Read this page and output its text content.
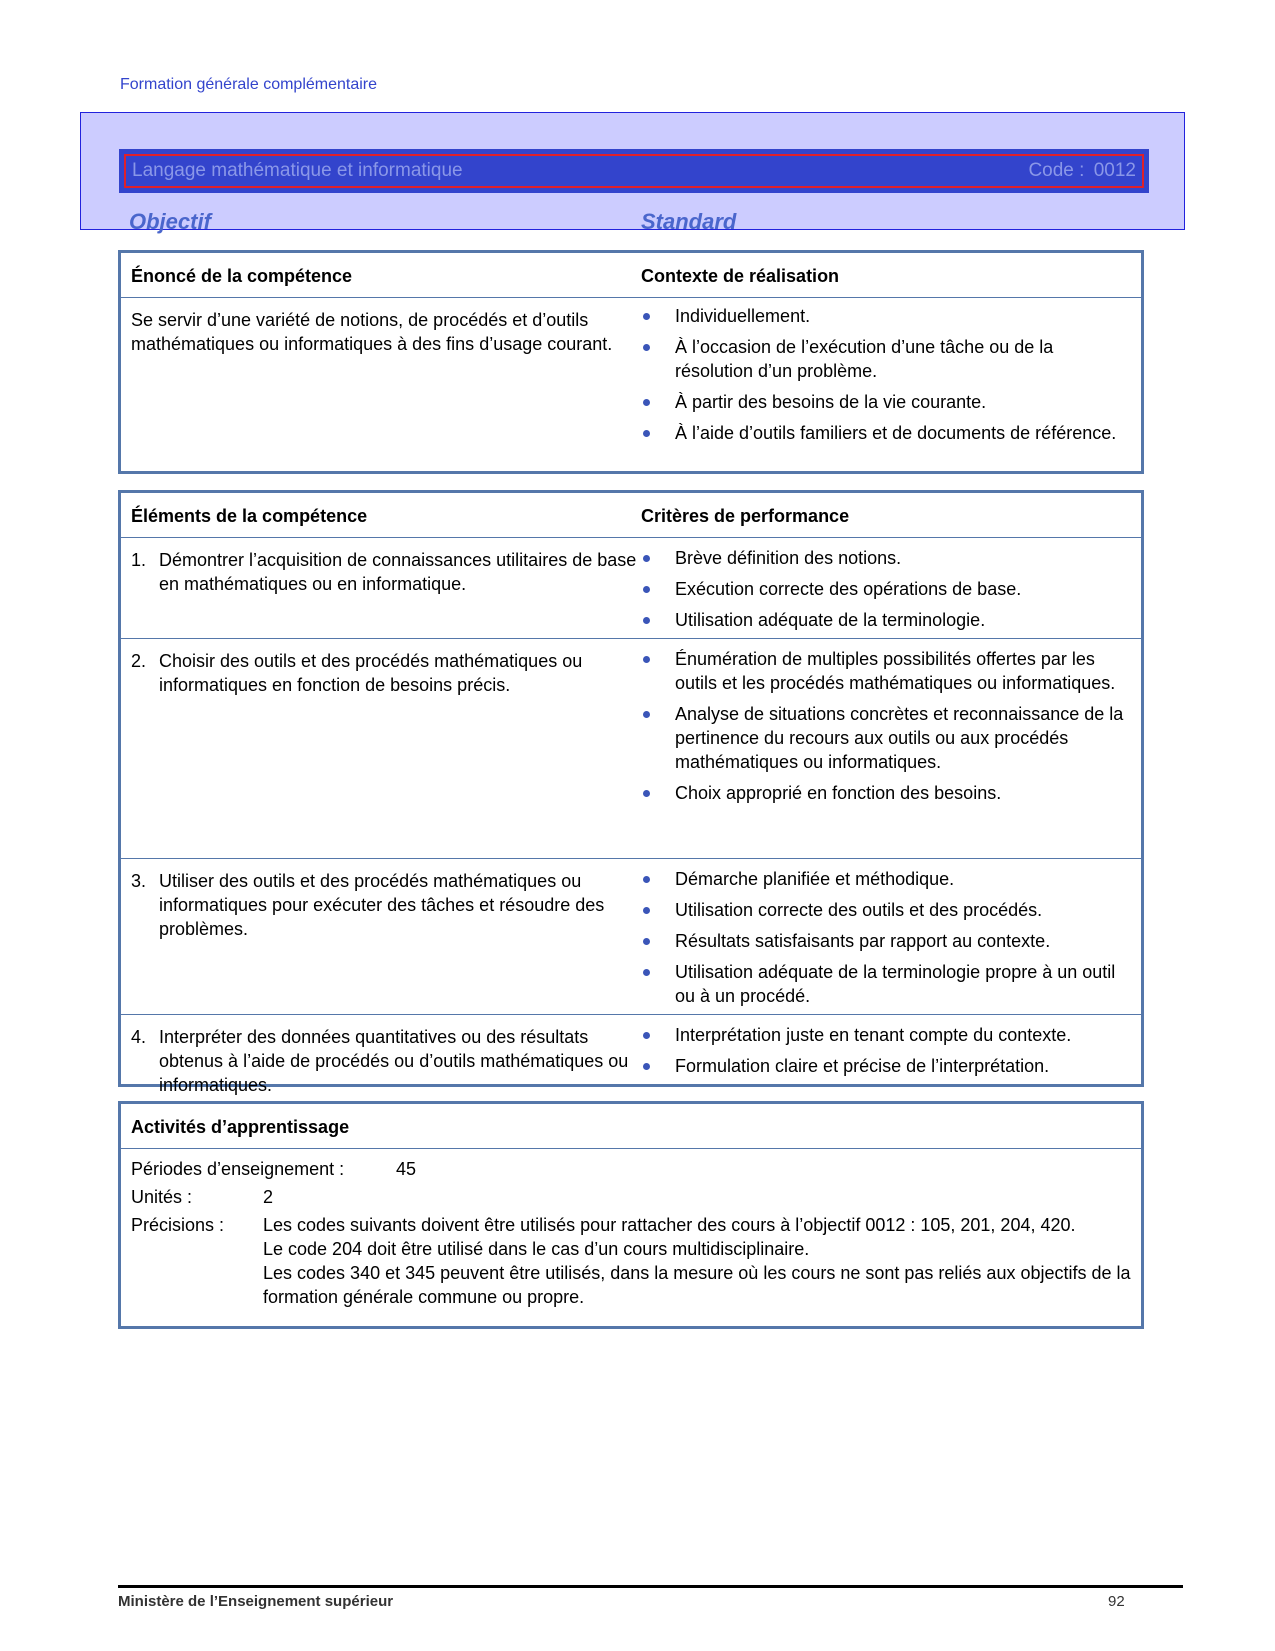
Formation générale complémentaire
Langage mathématique et informatique	Code : 0012
Objectif	Standard
Énoncé de la compétence	Contexte de réalisation
Se servir d’une variété de notions, de procédés et d’outils mathématiques ou informatiques à des fins d’usage courant.
Individuellement.
À l’occasion de l’exécution d’une tâche ou de la résolution d’un problème.
À partir des besoins de la vie courante.
À l’aide d’outils familiers et de documents de référence.
Éléments de la compétence	Critères de performance
1. Démontrer l’acquisition de connaissances utilitaires de base en mathématiques ou en informatique.
Brève définition des notions.
Exécution correcte des opérations de base.
Utilisation adéquate de la terminologie.
2. Choisir des outils et des procédés mathématiques ou informatiques en fonction de besoins précis.
Énumération de multiples possibilités offertes par les outils et les procédés mathématiques ou informatiques.
Analyse de situations concrètes et reconnaissance de la pertinence du recours aux outils ou aux procédés mathématiques ou informatiques.
Choix approprié en fonction des besoins.
3. Utiliser des outils et des procédés mathématiques ou informatiques pour exécuter des tâches et résoudre des problèmes.
Démarche planifiée et méthodique.
Utilisation correcte des outils et des procédés.
Résultats satisfaisants par rapport au contexte.
Utilisation adéquate de la terminologie propre à un outil ou à un procédé.
4. Interpréter des données quantitatives ou des résultats obtenus à l’aide de procédés ou d’outils mathématiques ou informatiques.
Interprétation juste en tenant compte du contexte.
Formulation claire et précise de l’interprétation.
Activités d’apprentissage
Périodes d’enseignement :	45
Unités :	2
Précisions : Les codes suivants doivent être utilisés pour rattacher des cours à l’objectif 0012 : 105, 201, 204, 420.
Le code 204 doit être utilisé dans le cas d’un cours multidisciplinaire.
Les codes 340 et 345 peuvent être utilisés, dans la mesure où les cours ne sont pas reliés aux objectifs de la formation générale commune ou propre.
Ministère de l’Enseignement supérieur	92
